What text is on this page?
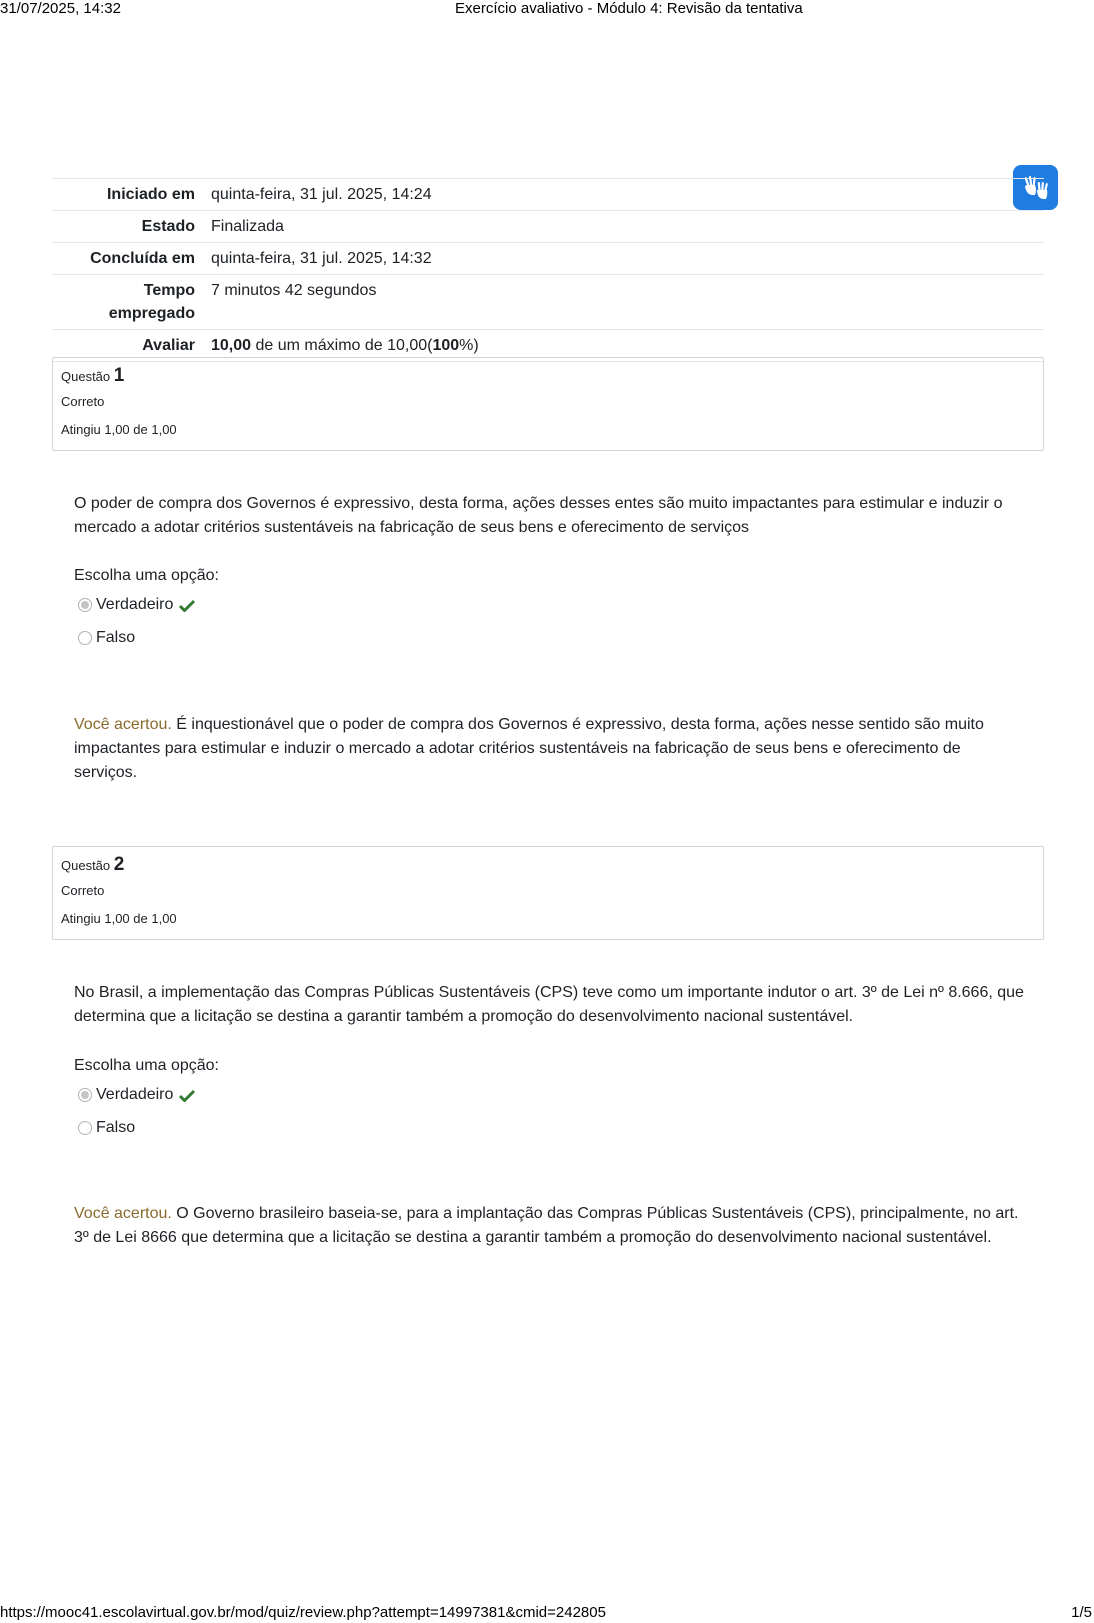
31/07/2025, 14:32	Exercício avaliativo - Módulo 4: Revisão da tentativa
Iniciado em	quinta-feira, 31 jul. 2025, 14:24
Estado	Finalizada
Concluída em	quinta-feira, 31 jul. 2025, 14:32
Tempo
empregado	7 minutos 42 segundos
Avaliar	10,00 de um máximo de 10,00(100%)
Questão 1
Correto
Atingiu 1,00 de 1,00
O poder de compra dos Governos é expressivo, desta forma, ações desses entes são muito impactantes para estimular e induzir o mercado a adotar critérios sustentáveis na fabricação de seus bens e oferecimento de serviços
Escolha uma opção:
Verdadeiro
Falso
Você acertou. É inquestionável que o poder de compra dos Governos é expressivo, desta forma, ações nesse sentido são muito impactantes para estimular e induzir o mercado a adotar critérios sustentáveis na fabricação de seus bens e oferecimento de serviços.
Questão 2
Correto
Atingiu 1,00 de 1,00
No Brasil, a implementação das Compras Públicas Sustentáveis (CPS) teve como um importante indutor o art. 3º de Lei nº 8.666, que determina que a licitação se destina a garantir também a promoção do desenvolvimento nacional sustentável.
Escolha uma opção:
Verdadeiro
Falso
Você acertou. O Governo brasileiro baseia-se, para a implantação das Compras Públicas Sustentáveis (CPS), principalmente, no art. 3º de Lei 8666 que determina que a licitação se destina a garantir também a promoção do desenvolvimento nacional sustentável.
https://mooc41.escolavirtual.gov.br/mod/quiz/review.php?attempt=14997381&cmid=242805	1/5
